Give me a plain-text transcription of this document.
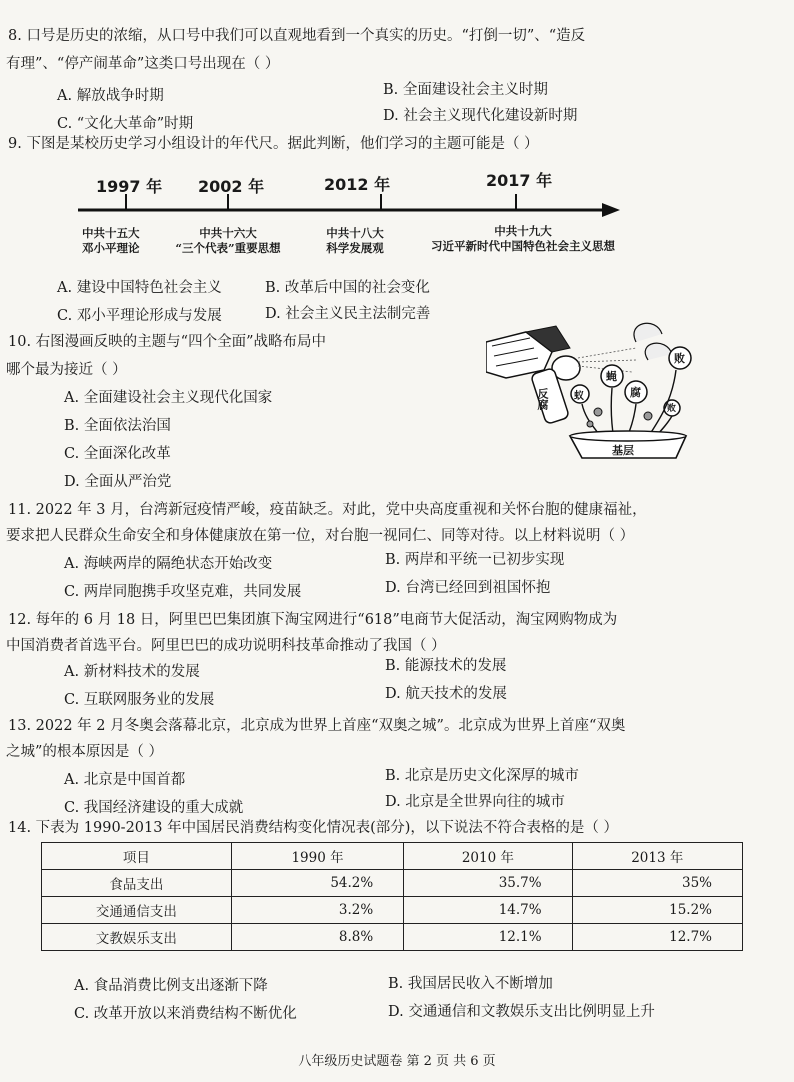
8. 口号是历史的浓缩，从口号中我们可以直观地看到一个真实的历史。“打倒一切”、“造反
有理”、“停产闹革命”这类口号出现在（ ）
A. 解放战争时期	B. 全面建设社会主义时期
C. “文化大革命”时期	D. 社会主义现代化建设新时期
9. 下图是某校历史学习小组设计的年代尺。据此判断，他们学习的主题可能是（ ）
1997 年 2002 年	2012 年	2017 年
中共十五大
邓小平理论
中共十六大
“三个代表”重要思想
中共十八大
科学发展观
中共十九大
习近平新时代中国特色社会主义思想
A. 建设中国特色社会主义	B. 改革后中国的社会变化
C. 邓小平理论形成与发展	D. 社会主义民主法制完善
10. 右图漫画反映的主题与“四个全面”战略布局中
哪个最为接近（ ）
A. 全面建设社会主义现代化国家
B. 全面依法治国
C. 全面深化改革
D. 全面从严治党
反腐
败
蚁
蝇
腐
败
基层
11. 2022 年 3 月，台湾新冠疫情严峻，疫苗缺乏。对此，党中央高度重视和关怀台胞的健康福祉，
要求把人民群众生命安全和身体健康放在第一位，对台胞一视同仁、同等对待。以上材料说明（ ）
A. 海峡两岸的隔绝状态开始改变	B. 两岸和平统一已初步实现
C. 两岸同胞携手攻坚克难，共同发展	D. 台湾已经回到祖国怀抱
12. 每年的 6 月 18 日，阿里巴巴集团旗下淘宝网进行“618”电商节大促活动，淘宝网购物成为
中国消费者首选平台。阿里巴巴的成功说明科技革命推动了我国（ ）
A. 新材料技术的发展	B. 能源技术的发展
C. 互联网服务业的发展	D. 航天技术的发展
13. 2022 年 2 月冬奥会落幕北京，北京成为世界上首座“双奥之城”。北京成为世界上首座“双奥
之城”的根本原因是（ ）
A. 北京是中国首都	B. 北京是历史文化深厚的城市
C. 我国经济建设的重大成就	D. 北京是全世界向往的城市
14. 下表为 1990-2013 年中国居民消费结构变化情况表(部分)，以下说法不符合表格的是（ ）
项目	1990 年	2010 年	2013 年
食品支出	54.2%	35.7%	35%
交通通信支出	3.2%	14.7%	15.2%
文教娱乐支出	8.8%	12.1%	12.7%
A. 食品消费比例支出逐渐下降	B. 我国居民收入不断增加
C. 改革开放以来消费结构不断优化	D. 交通通信和文教娱乐支出比例明显上升
八年级历史试题卷 第 2 页 共 6 页
